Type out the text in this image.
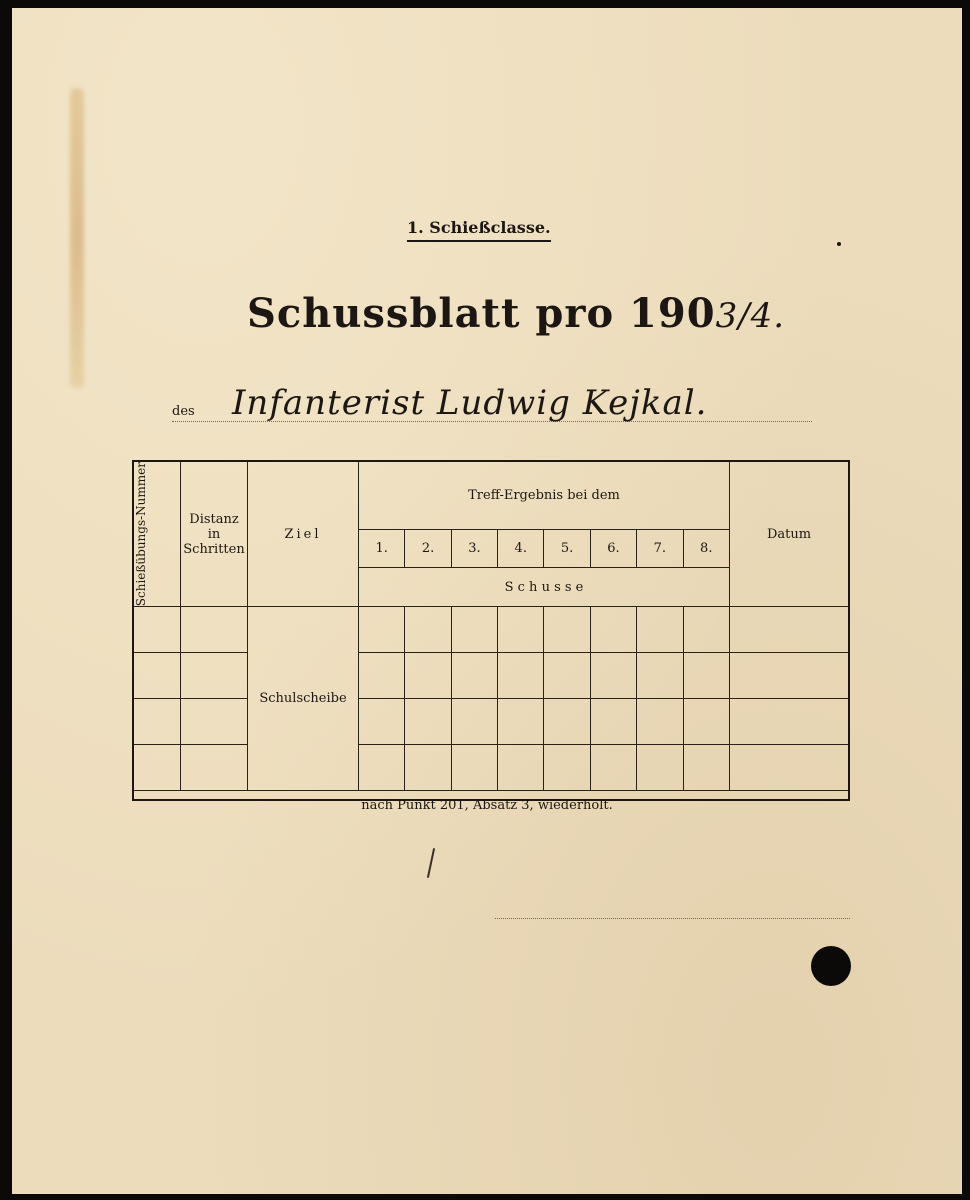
1. Schießclasse.
Schussblatt pro 1903/4.
des Infanterist Ludwig Kejkal.
Schießübungs-Nummer	Distanz in Schritten	Ziel	Treff-Ergebnis bei dem								Datum
			1.	2.	3.	4.	5.	6.	7.	8.	
			S c h u s s e								
		Schulscheibe									

nach Punkt 201, Absatz 3, wiederholt.
